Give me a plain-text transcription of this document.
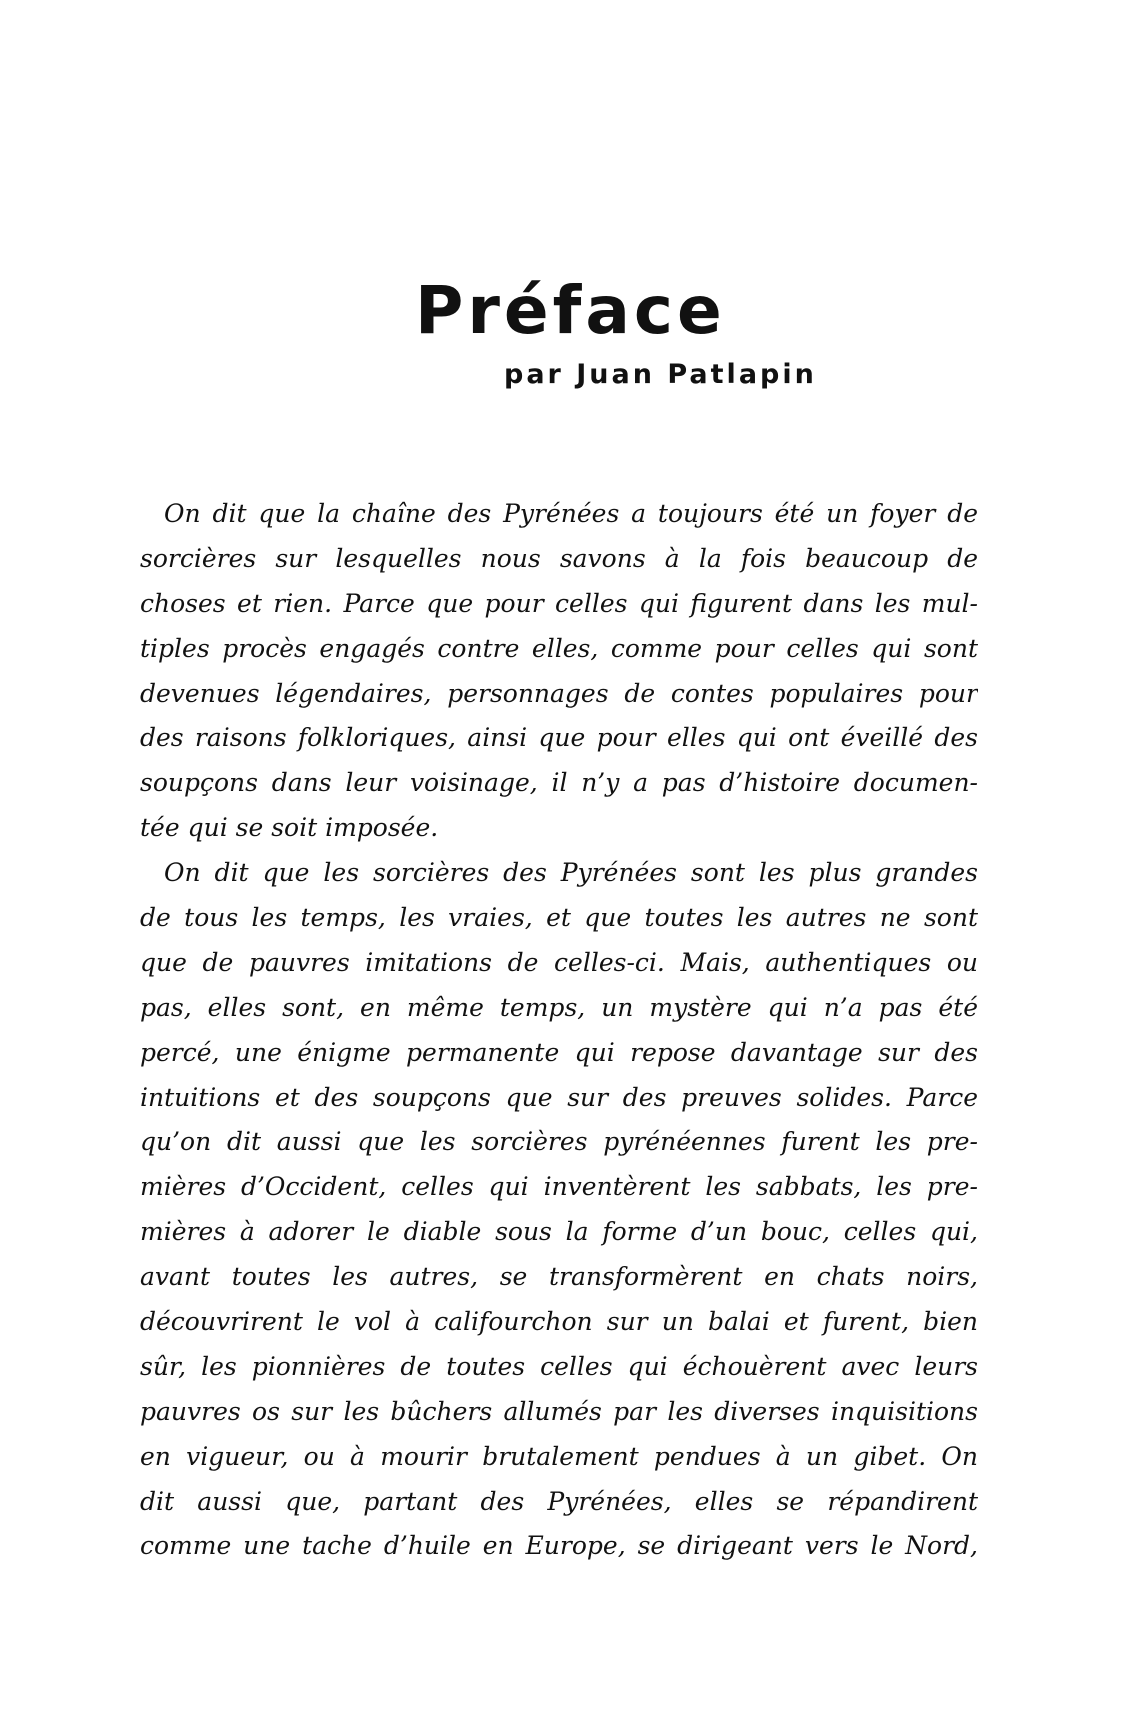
Préface
par Juan Patlapin
On dit que la chaîne des Pyrénées a toujours été un foyer de
sorcières sur lesquelles nous savons à la fois beaucoup de
choses et rien. Parce que pour celles qui figurent dans les mul-
tiples procès engagés contre elles, comme pour celles qui sont
devenues légendaires, personnages de contes populaires pour
des raisons folkloriques, ainsi que pour elles qui ont éveillé des
soupçons dans leur voisinage, il n’y a pas d’histoire documen-
tée qui se soit imposée.
On dit que les sorcières des Pyrénées sont les plus grandes
de tous les temps, les vraies, et que toutes les autres ne sont
que de pauvres imitations de celles-ci. Mais, authentiques ou
pas, elles sont, en même temps, un mystère qui n’a pas été
percé, une énigme permanente qui repose davantage sur des
intuitions et des soupçons que sur des preuves solides. Parce
qu’on dit aussi que les sorcières pyrénéennes furent les pre-
mières d’Occident, celles qui inventèrent les sabbats, les pre-
mières à adorer le diable sous la forme d’un bouc, celles qui,
avant toutes les autres, se transformèrent en chats noirs,
découvrirent le vol à califourchon sur un balai et furent, bien
sûr, les pionnières de toutes celles qui échouèrent avec leurs
pauvres os sur les bûchers allumés par les diverses inquisitions
en vigueur, ou à mourir brutalement pendues à un gibet. On
dit aussi que, partant des Pyrénées, elles se répandirent
comme une tache d’huile en Europe, se dirigeant vers le Nord,
